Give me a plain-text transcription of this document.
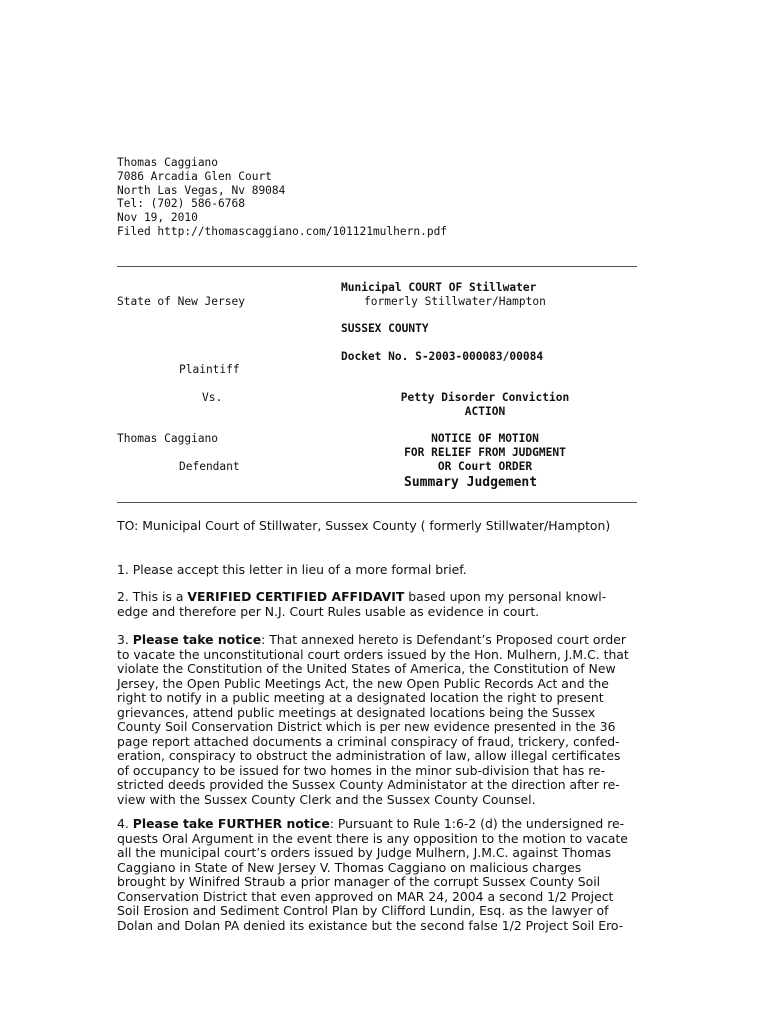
Thomas Caggiano
7086 Arcadia Glen Court
North Las Vegas, Nv 89084
Tel: (702) 586-6768
Nov 19, 2010
Filed http://thomascaggiano.com/101121mulhern.pdf
Municipal COURT OF Stillwater
State of New Jersey	formerly Stillwater/Hampton
SUSSEX COUNTY
Docket No. S-2003-000083/00084
Plaintiff
Vs.	Petty Disorder Conviction
ACTION
Thomas Caggiano	NOTICE OF MOTION
FOR RELIEF FROM JUDGMENT
OR Court ORDER
Defendant
Summary Judgement
TO: Municipal Court of Stillwater, Sussex County ( formerly Stillwater/Hampton)
1. Please accept this letter in lieu of a more formal brief.
2. This is a VERIFIED CERTIFIED AFFIDAVIT based upon my personal knowl-
edge and therefore per N.J. Court Rules usable as evidence in court.
3. Please take notice: That annexed hereto is Defendant’s Proposed court order
to vacate the unconstitutional court orders issued by the Hon. Mulhern, J.M.C. that
violate the Constitution of the United States of America, the Constitution of New
Jersey, the Open Public Meetings Act, the new Open Public Records Act and the
right to notify in a public meeting at a designated location the right to present
grievances, attend public meetings at designated locations being the Sussex
County Soil Conservation District which is per new evidence presented in the 36
page report attached documents a criminal conspiracy of fraud, trickery, confed-
eration, conspiracy to obstruct the administration of law, allow illegal certificates
of occupancy to be issued for two homes in the minor sub-division that has re-
stricted deeds provided the Sussex County Administator at the direction after re-
view with the Sussex County Clerk and the Sussex County Counsel.
4. Please take FURTHER notice: Pursuant to Rule 1:6-2 (d) the undersigned re-
quests Oral Argument in the event there is any opposition to the motion to vacate
all the municipal court’s orders issued by Judge Mulhern, J.M.C. against Thomas
Caggiano in State of New Jersey V. Thomas Caggiano on malicious charges
brought by Winifred Straub a prior manager of the corrupt Sussex County Soil
Conservation District that even approved on MAR 24, 2004 a second 1/2 Project
Soil Erosion and Sediment Control Plan by Clifford Lundin, Esq. as the lawyer of
Dolan and Dolan PA denied its existance but the second false 1/2 Project Soil Ero-
